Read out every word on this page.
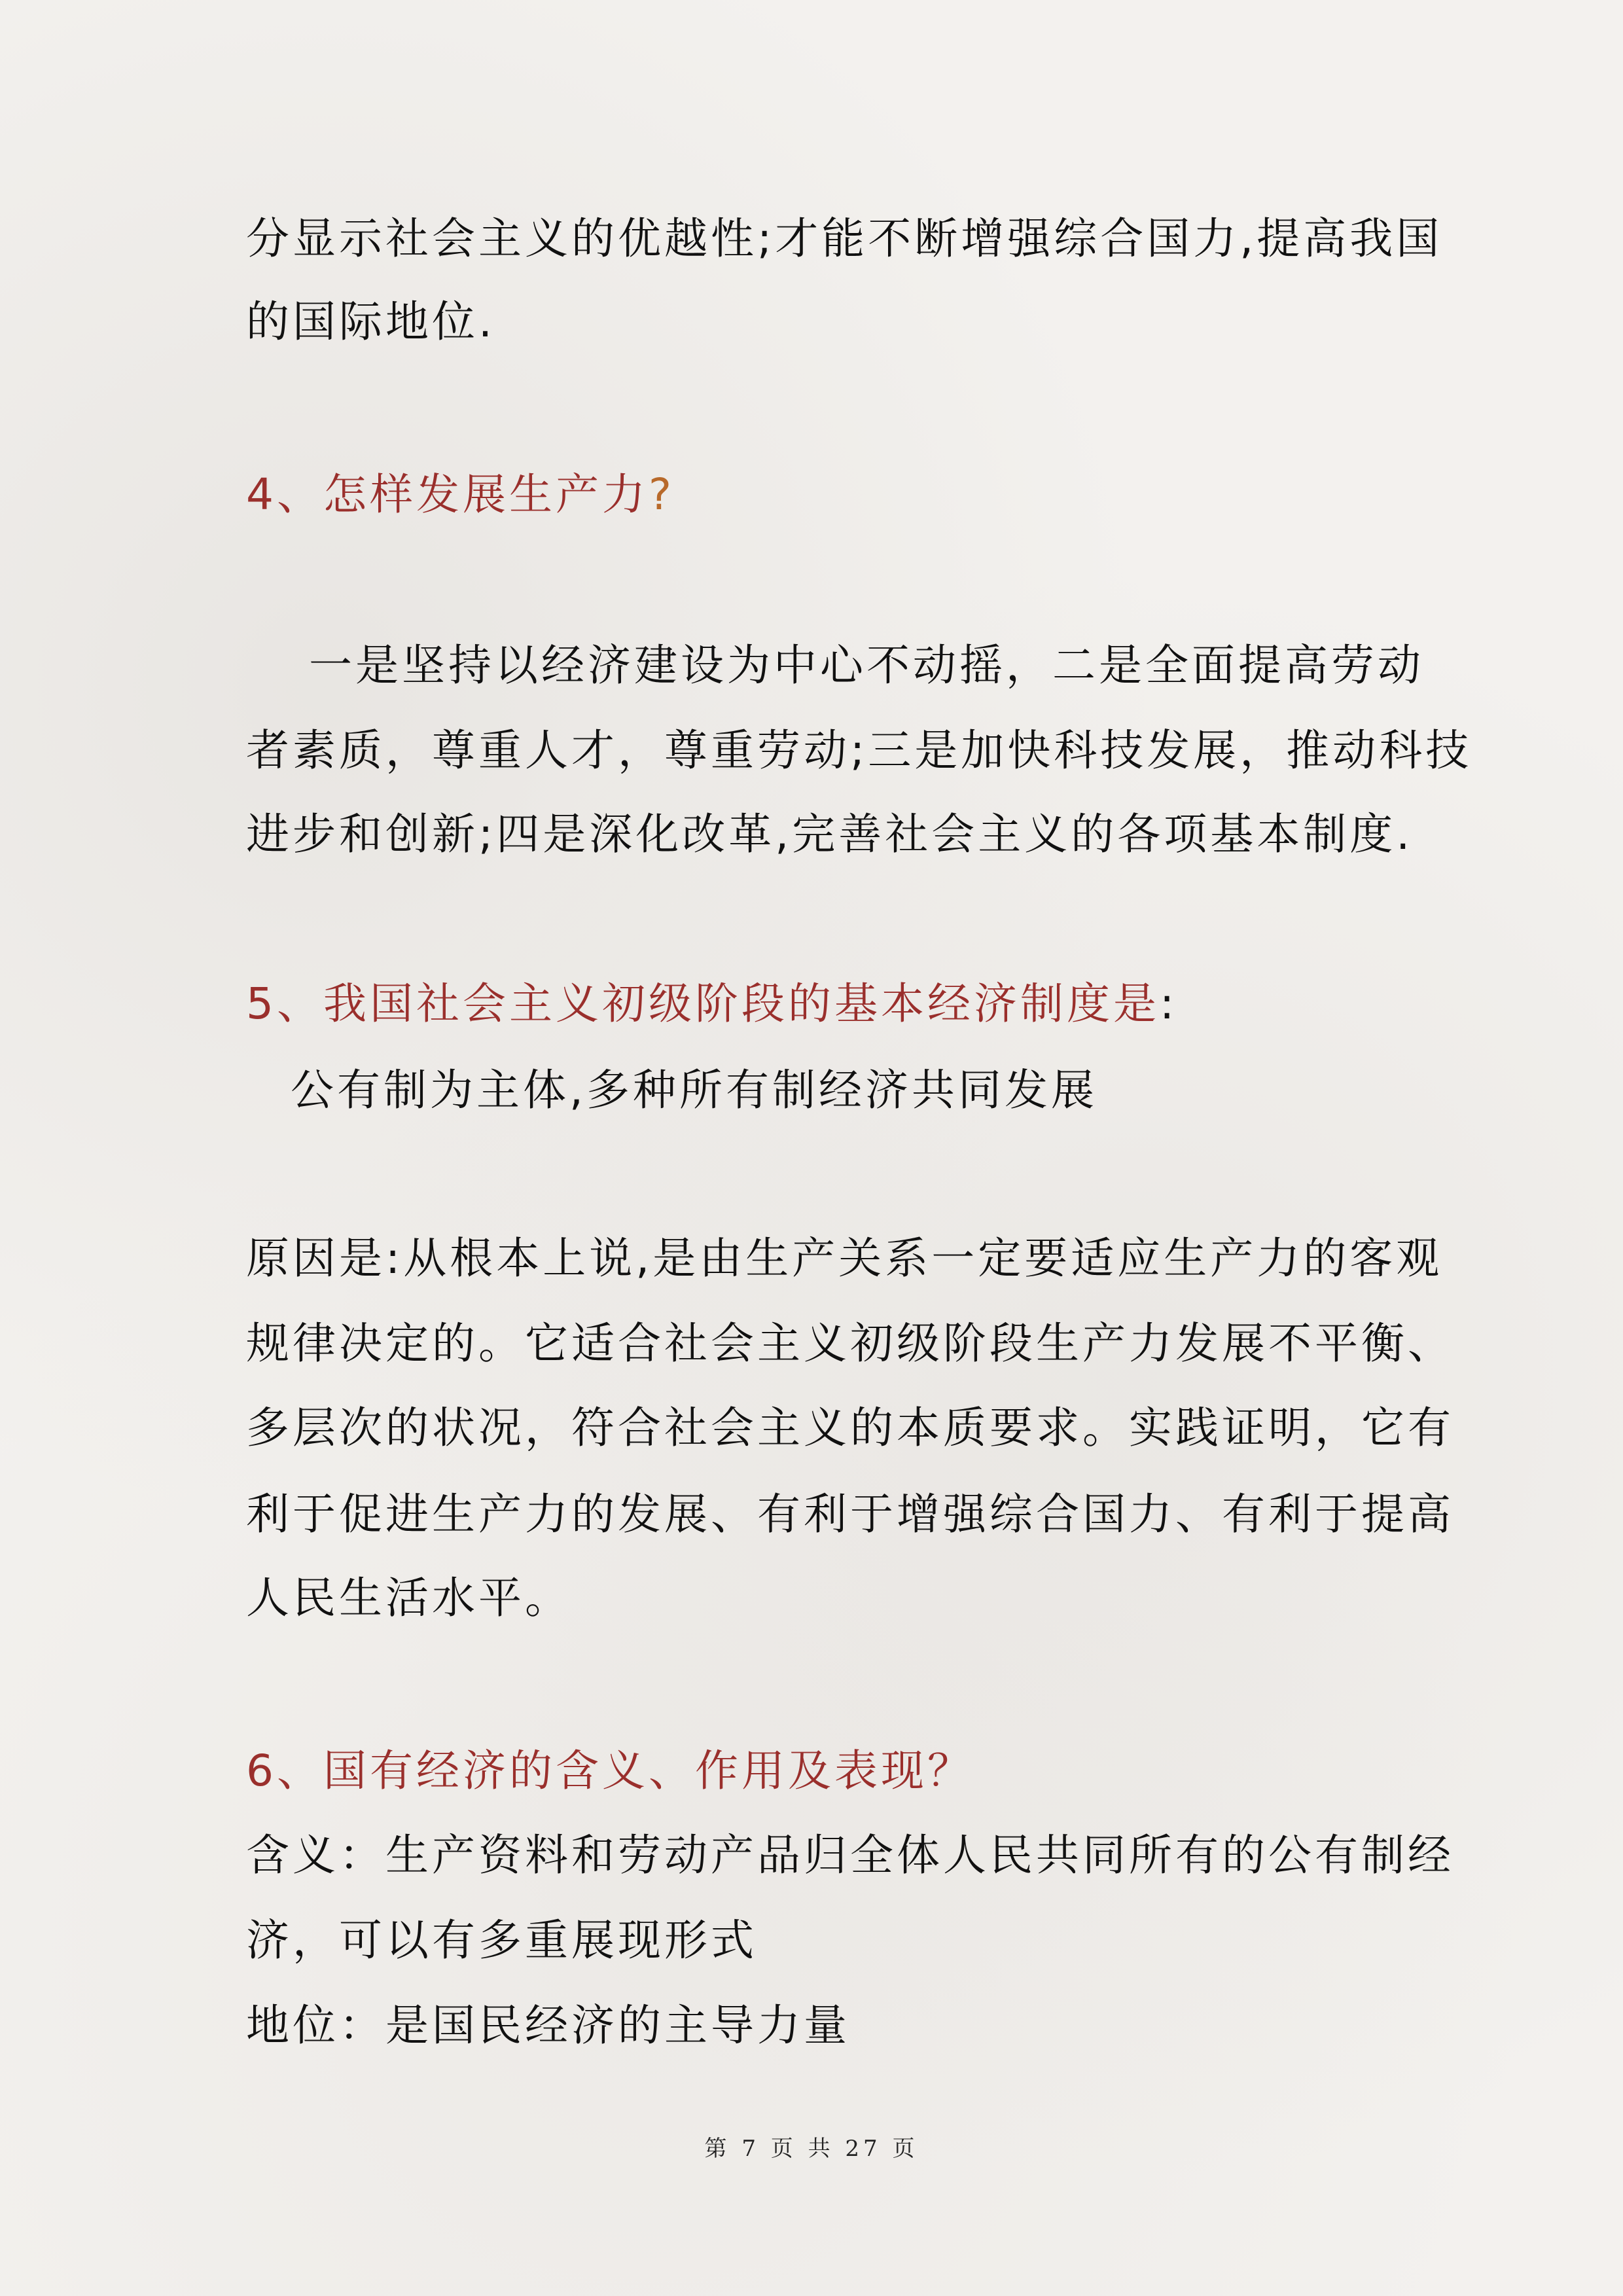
分显示社会主义的优越性;才能不断增强综合国力,提高我国
的国际地位.
4、怎样发展生产力?
一是坚持以经济建设为中心不动摇，二是全面提高劳动
者素质，尊重人才，尊重劳动;三是加快科技发展，推动科技
进步和创新;四是深化改革,完善社会主义的各项基本制度.
5、我国社会主义初级阶段的基本经济制度是:
公有制为主体,多种所有制经济共同发展
原因是:从根本上说,是由生产关系一定要适应生产力的客观
规律决定的。它适合社会主义初级阶段生产力发展不平衡、
多层次的状况，符合社会主义的本质要求。实践证明，它有
利于促进生产力的发展、有利于增强综合国力、有利于提高
人民生活水平。
6、国有经济的含义、作用及表现？
含义：生产资料和劳动产品归全体人民共同所有的公有制经
济，可以有多重展现形式
地位：是国民经济的主导力量
第 7 页 共 27 页
